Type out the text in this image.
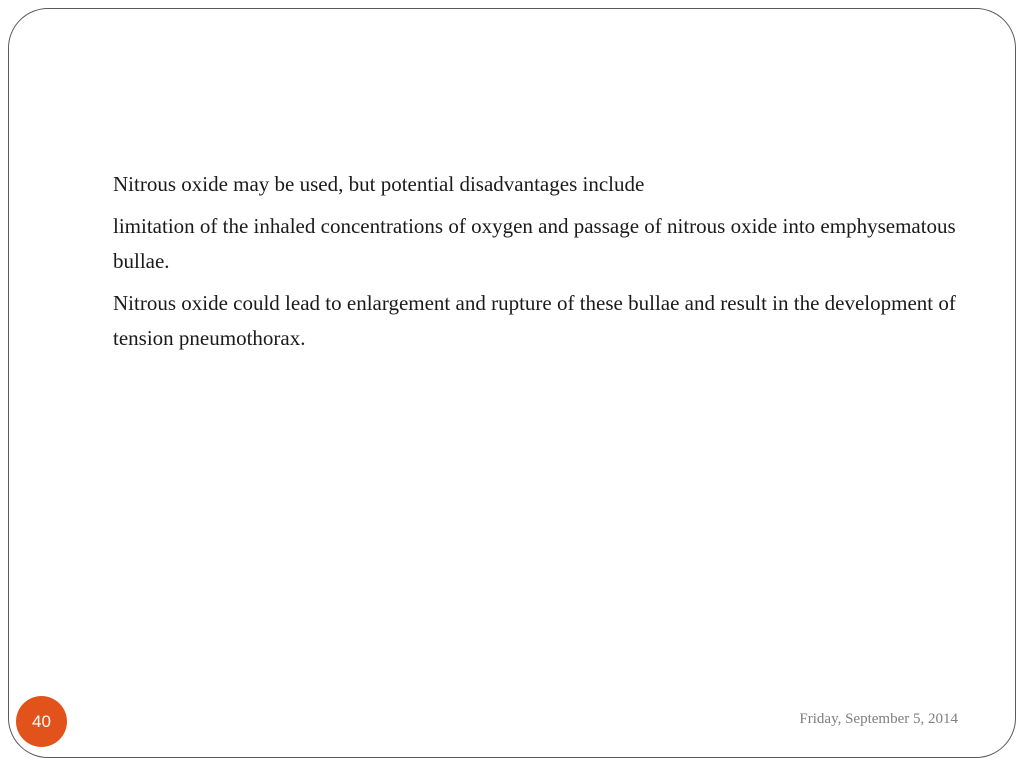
Nitrous oxide may be used, but potential disadvantages include

limitation of the inhaled concentrations of oxygen and passage of nitrous oxide into emphysematous bullae.

Nitrous oxide could lead to enlargement and rupture of these bullae and result in the development of tension pneumothorax.

40	Friday, September 5, 2014
